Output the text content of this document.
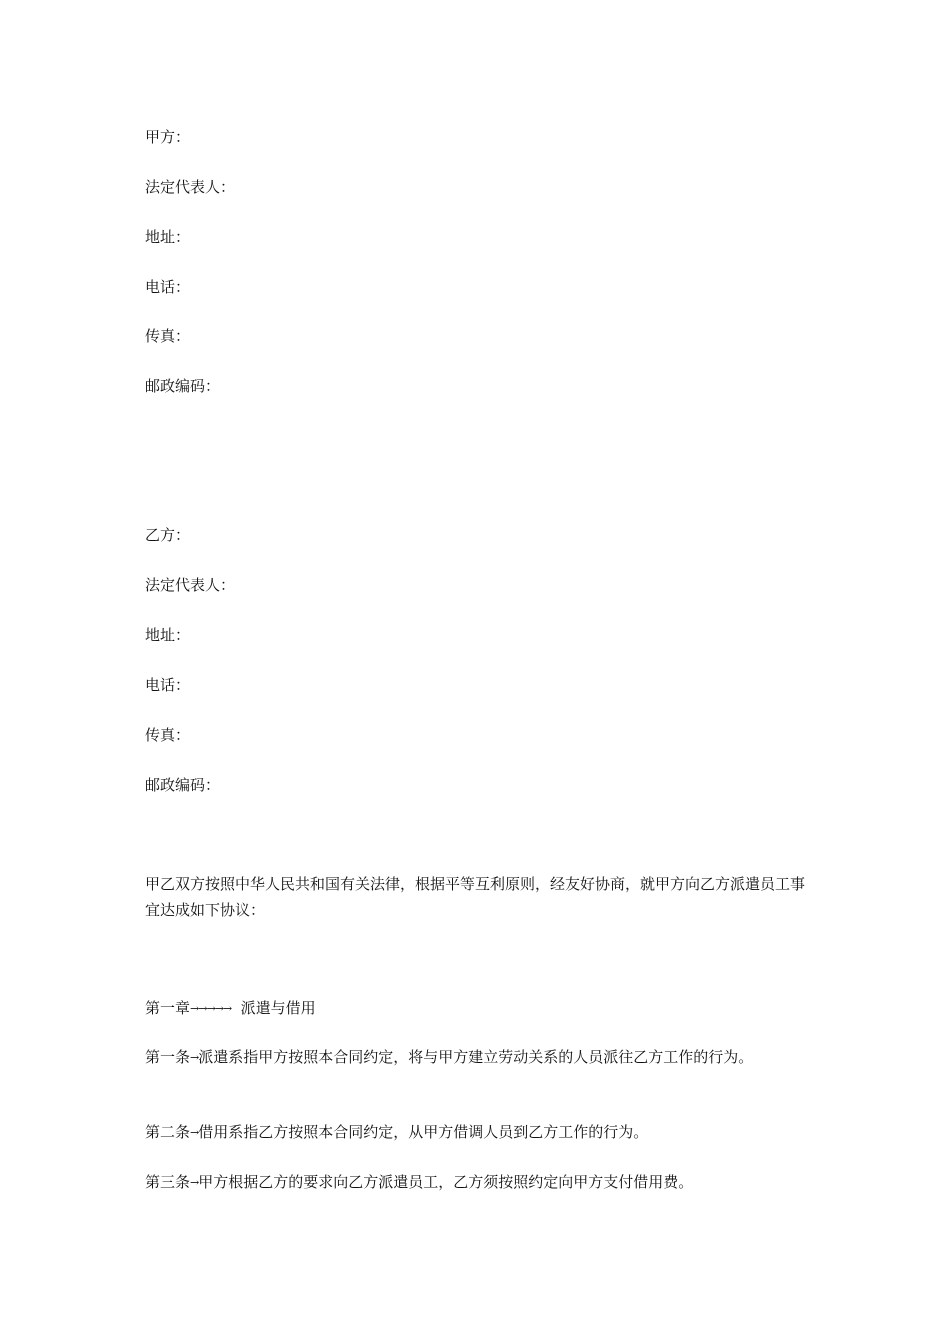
甲方：
法定代表人：
地址：
电话：
传真：
邮政编码：
乙方：
法定代表人：
地址：
电话：
传真：
邮政编码：
甲乙双方按照中华人民共和国有关法律，根据平等互利原则，经友好协商，就甲方向乙方派遣员工事宜达成如下协议：
第一章→→→→→ 派遣与借用
第一条→派遣系指甲方按照本合同约定，将与甲方建立劳动关系的人员派往乙方工作的行为。
第二条→借用系指乙方按照本合同约定，从甲方借调人员到乙方工作的行为。
第三条→甲方根据乙方的要求向乙方派遣员工，乙方须按照约定向甲方支付借用费。
